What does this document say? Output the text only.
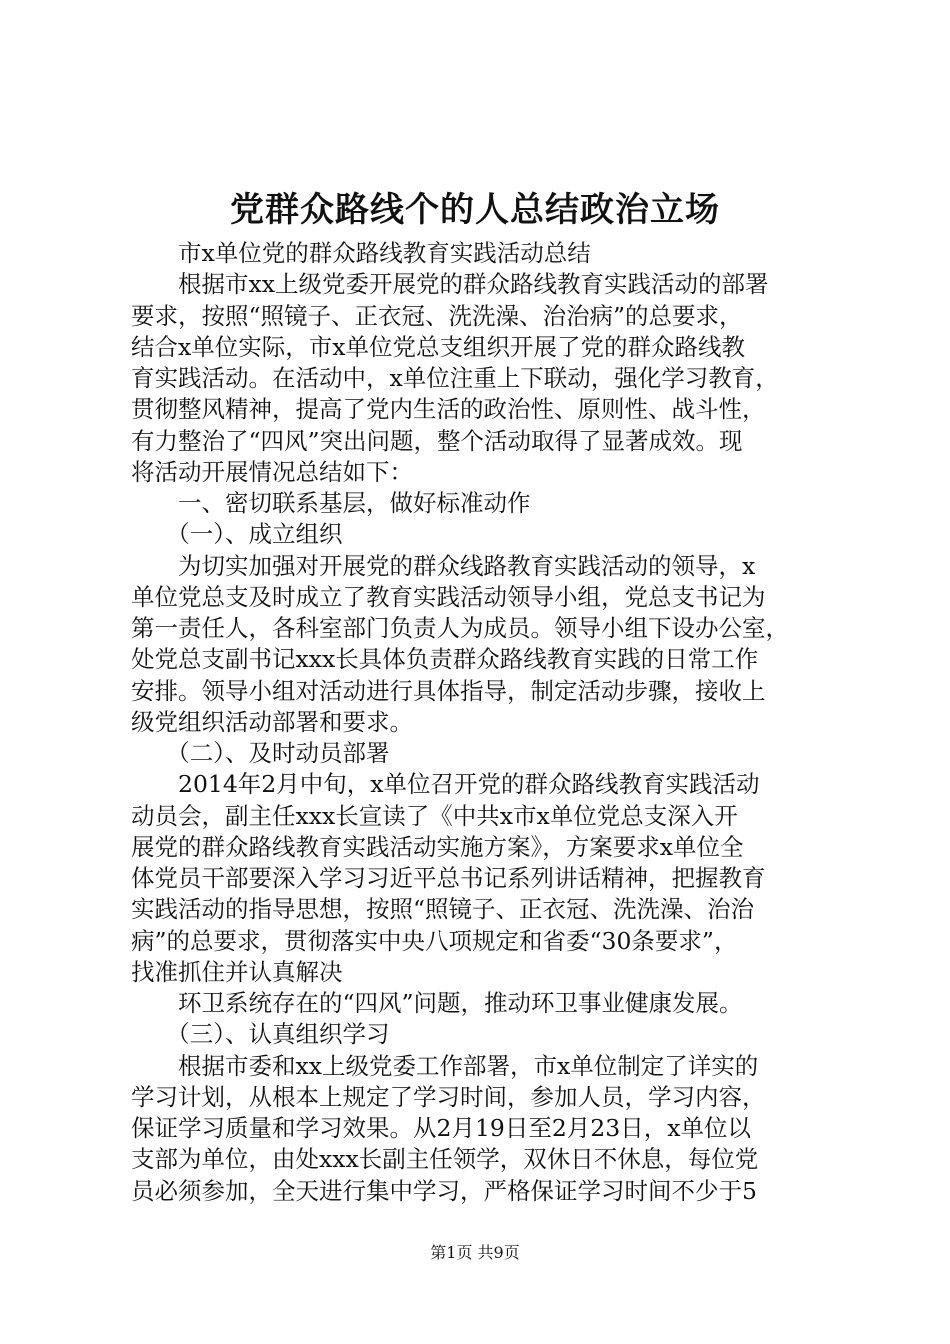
党群众路线个的人总结政治立场
　　市x单位党的群众路线教育实践活动总结
　　根据市xx上级党委开展党的群众路线教育实践活动的部署
要求，按照“照镜子、正衣冠、洗洗澡、治治病”的总要求，
结合x单位实际，市x单位党总支组织开展了党的群众路线教
育实践活动。在活动中，x单位注重上下联动，强化学习教育，
贯彻整风精神，提高了党内生活的政治性、原则性、战斗性，
有力整治了“四风”突出问题，整个活动取得了显著成效。现
将活动开展情况总结如下：
　　一、密切联系基层，做好标准动作
　　（一）、成立组织
　　为切实加强对开展党的群众线路教育实践活动的领导，x
单位党总支及时成立了教育实践活动领导小组，党总支书记为
第一责任人，各科室部门负责人为成员。领导小组下设办公室，
处党总支副书记xxx长具体负责群众路线教育实践的日常工作
安排。领导小组对活动进行具体指导，制定活动步骤，接收上
级党组织活动部署和要求。
　　（二）、及时动员部署
　　2014年2月中旬，x单位召开党的群众路线教育实践活动
动员会，副主任xxx长宣读了《中共x市x单位党总支深入开
展党的群众路线教育实践活动实施方案》，方案要求x单位全
体党员干部要深入学习习近平总书记系列讲话精神，把握教育
实践活动的指导思想，按照“照镜子、正衣冠、洗洗澡、治治
病”的总要求，贯彻落实中央八项规定和省委“30条要求”，
找准抓住并认真解决
　　环卫系统存在的“四风”问题，推动环卫事业健康发展。
　　（三）、认真组织学习
　　根据市委和xx上级党委工作部署，市x单位制定了详实的
学习计划，从根本上规定了学习时间，参加人员，学习内容，
保证学习质量和学习效果。从2月19日至2月23日，x单位以
支部为单位，由处xxx长副主任领学，双休日不休息，每位党
员必须参加，全天进行集中学习，严格保证学习时间不少于5
第1页 共9页
